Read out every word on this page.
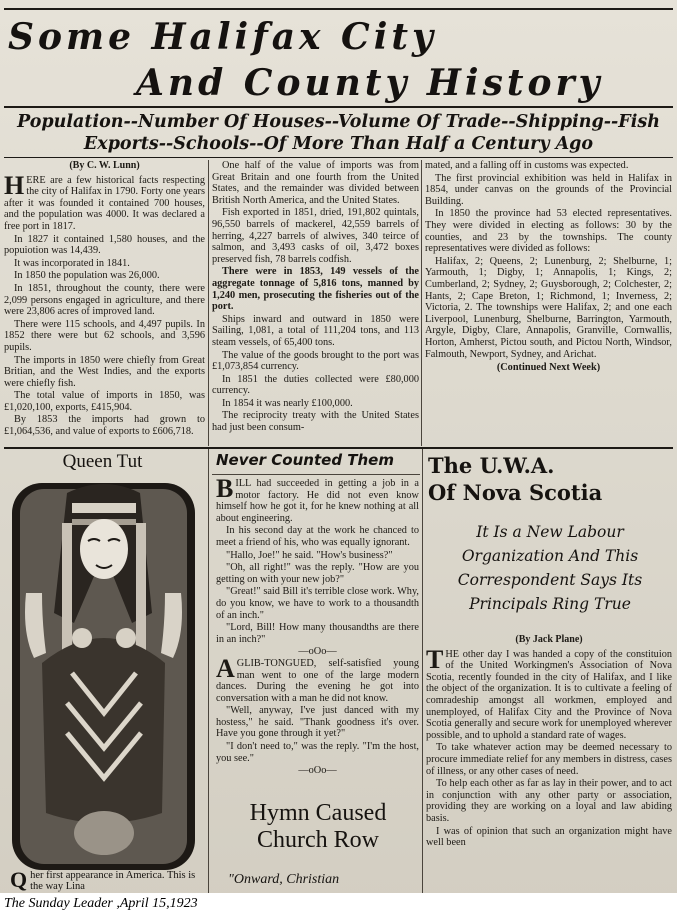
Some Halifax City
And County History
Population--Number Of Houses--Volume Of Trade--Shipping--Fish Exports--Schools--Of More Than Half a Century Ago
(By C. W. Lunn)

HERE are a few historical facts respecting the city of Halifax in 1790. Forty one years after it was founded it contained 700 houses, and the population was 4000. It was declared a free port in 1817.

In 1827 it contained 1,580 houses, and the popuiotion was 14,439.

It was incorporated in 1841.

In 1850 the population was 26,000.

In 1851, throughout the county, there were 2,099 persons engaged in agriculture, and there were 23,806 acres of improved land.

There were 115 schools, and 4,497 pupils. In 1852 there were but 62 schools, and 3,596 pupils.

The imports in 1850 were chiefly from Great Britian, and the West Indies, and the exports were chiefly fish.

The total value of imports in 1850, was £1,020,100, exports, £415,904.

By 1853 the imports had grown to £1,064,536, and value of exports to £606,718.

One half of the value of imports was from Great Britain and one fourth from the United States, and the remainder was divided between British North America, and the United States.

Fish exported in 1851, dried, 191,802 quintals, 96,550 barrels of mackerel, 42,559 barrels of herring, 4,227 barrels of alwives, 340 teirce of salmon, and 3,493 casks of oil, 3,472 boxes preserved fish, 78 barrels codfish.

There were in 1853, 149 vessels of the aggregate tonnage of 5,816 tons, manned by 1,240 men, prosecuting the fisheries out of the port.

Ships inward and outward in 1850 were Sailing, 1,081, a total of 111,204 tons, and 113 steam vessels, of 65,400 tons.

The value of the goods brought to the port was £1,073,854 currency.

In 1851 the duties collected were £80,000 currency.

In 1854 it was nearly £100,000.

The reciprocity treaty with the United States had just been consum-

mated, and a falling off in customs was expected.

The first provincial exhibition was held in Halifax in 1854, under canvas on the grounds of the Provincial Building.

In 1850 the province had 53 elected representatives. They were divided in electing as follows: 30 by the counties, and 23 by the townships. The county representatives were divided as follows:

Halifax, 2; Queens, 2; Lunenburg, 2; Shelburne, 1; Yarmouth, 1; Digby, 1; Annapolis, 1; Kings, 2; Cumberland, 2; Sydney, 2; Guysborough, 2; Colchester, 2; Hants, 2; Cape Breton, 1; Richmond, 1; Inverness, 2; Victoria, 2. The townships were Halifax, 2; and one each Liverpool, Lunenburg, Shelburne, Barrington, Yarmouth, Argyle, Digby, Clare, Annapolis, Granville, Cornwallis, Horton, Amherst, Pictou south, and Pictou North, Windsor, Falmouth, Newport, Sydney, and Arichat.

(Continued Next Week)
Queen Tut
Q her first appearance in America. This is the way Lina
Never Counted Them

BILL had succeeded in getting a job in a motor factory. He did not even know himself how he got it, for he knew nothing at all about engineering.

In his second day at the work he chanced to meet a friend of his, who was equally ignorant.

"Hallo, Joe!" he said. "How's business?"

"Oh, all right!" was the reply. "How are you getting on with your new job?"

"Great!" said Bill it's terrible close work. Why, do you know, we have to work to a thousandth of an inch."

"Lord, Bill! How many thousandths are there in an inch?"

—oOo—

AGLIB-TONGUED, self-satisfied young man went to one of the large modern dances. During the evening he got into conversation with a man he did not know.

"Well, anyway, I've just danced with my hostess," he said. "Thank goodness it's over. Have you gone through it yet?"

"I don't need to," was the reply. "I'm the host, you see."

—oOo—
Hymn Caused Church Row
"Onward, Christian
The U.W.A.
Of Nova Scotia
It Is a New Labour Organization And This Correspondent Says Its Principals Ring True
(By Jack Plane)

THE other day I was handed a copy of the constituion of the United Workingmen's Association of Nova Scotia, recently founded in the city of Halifax, and I like the object of the organization. It is to cultivate a feeling of comradeship amongst all workmen, employed and unemployed, of Halifax City and the Province of Nova Scotia generally and secure work for unemployed wherever possible, and to uphold a standard rate of wages.

To take whatever action may be deemed necessary to procure immediate relief for any members in distress, cases of illness, or any other cases of need.

To help each other as far as lay in their power, and to act in conjunction with any other party or association, providing they are working on a loyal and law abiding basis.

I was of opinion that such an organization might have well been

The Sunday Leader ,April 15,1923
